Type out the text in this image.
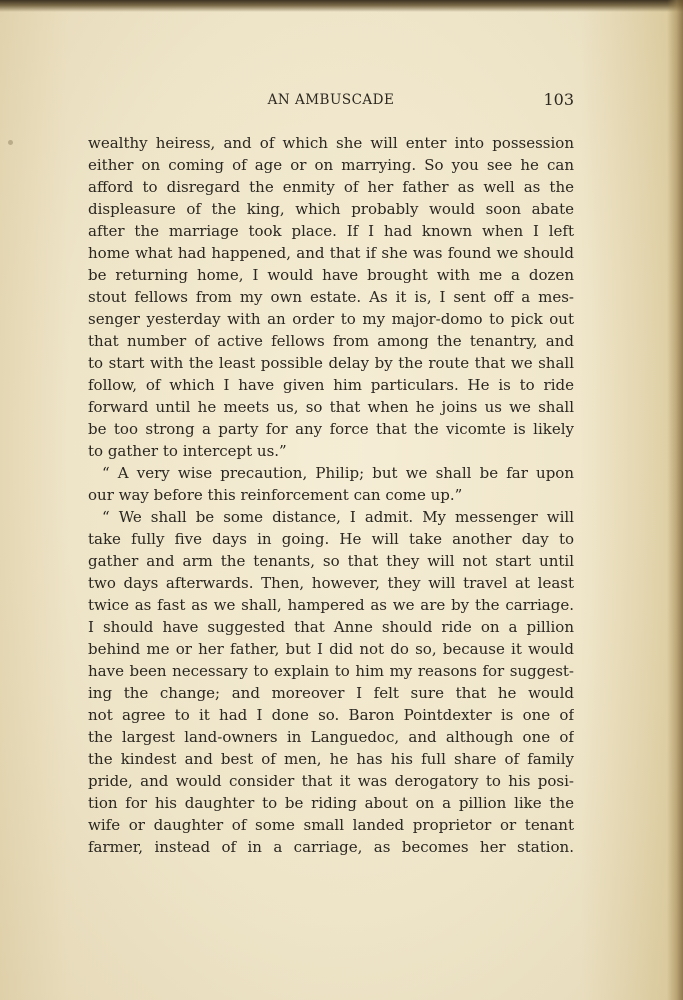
AN AMBUSCADE	103
wealthy heiress, and of which she will enter into possession
either on coming of age or on marrying. So you see he can
afford to disregard the enmity of her father as well as the
displeasure of the king, which probably would soon abate
after the marriage took place. If I had known when I left
home what had happened, and that if she was found we should
be returning home, I would have brought with me a dozen
stout fellows from my own estate. As it is, I sent off a mes-
senger yesterday with an order to my major-domo to pick out
that number of active fellows from among the tenantry, and
to start with the least possible delay by the route that we shall
follow, of which I have given him particulars. He is to ride
forward until he meets us, so that when he joins us we shall
be too strong a party for any force that the vicomte is likely
to gather to intercept us.”
“ A very wise precaution, Philip; but we shall be far upon
our way before this reinforcement can come up.”
“ We shall be some distance, I admit. My messenger will
take fully five days in going. He will take another day to
gather and arm the tenants, so that they will not start until
two days afterwards. Then, however, they will travel at least
twice as fast as we shall, hampered as we are by the carriage.
I should have suggested that Anne should ride on a pillion
behind me or her father, but I did not do so, because it would
have been necessary to explain to him my reasons for suggest-
ing the change; and moreover I felt sure that he would
not agree to it had I done so. Baron Pointdexter is one of
the largest land-owners in Languedoc, and although one of
the kindest and best of men, he has his full share of family
pride, and would consider that it was derogatory to his posi-
tion for his daughter to be riding about on a pillion like the
wife or daughter of some small landed proprietor or tenant
farmer, instead of in a carriage, as becomes her station.
